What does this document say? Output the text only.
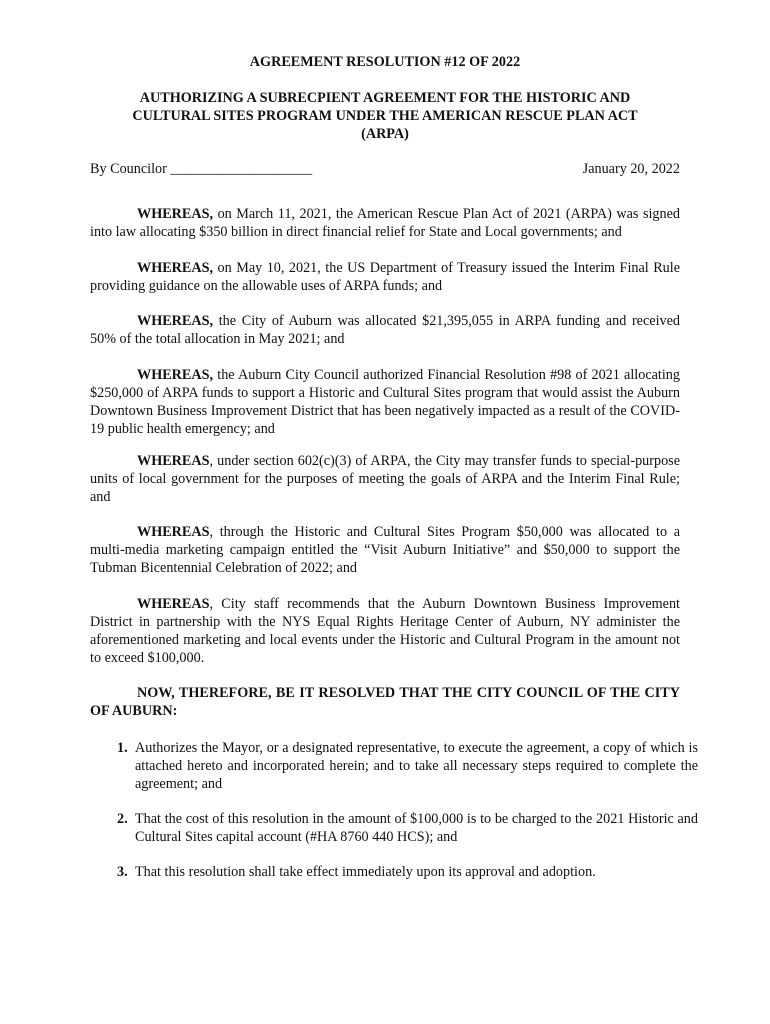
AGREEMENT RESOLUTION #12 OF 2022
AUTHORIZING A SUBRECPIENT AGREEMENT FOR THE HISTORIC AND
CULTURAL SITES PROGRAM UNDER THE AMERICAN RESCUE PLAN ACT
(ARPA)
By Councilor ____________________	January 20, 2022
WHEREAS, on March 11, 2021, the American Rescue Plan Act of 2021 (ARPA) was signed into law allocating $350 billion in direct financial relief for State and Local governments; and
WHEREAS, on May 10, 2021, the US Department of Treasury issued the Interim Final Rule providing guidance on the allowable uses of ARPA funds; and
WHEREAS, the City of Auburn was allocated $21,395,055 in ARPA funding and received 50% of the total allocation in May 2021; and
WHEREAS, the Auburn City Council authorized Financial Resolution #98 of 2021 allocating $250,000 of ARPA funds to support a Historic and Cultural Sites program that would assist the Auburn Downtown Business Improvement District that has been negatively impacted as a result of the COVID-19 public health emergency; and
WHEREAS, under section 602(c)(3) of ARPA, the City may transfer funds to special-purpose units of local government for the purposes of meeting the goals of ARPA and the Interim Final Rule; and
WHEREAS, through the Historic and Cultural Sites Program $50,000 was allocated to a multi-media marketing campaign entitled the “Visit Auburn Initiative” and $50,000 to support the Tubman Bicentennial Celebration of 2022; and
WHEREAS, City staff recommends that the Auburn Downtown Business Improvement District in partnership with the NYS Equal Rights Heritage Center of Auburn, NY administer the aforementioned marketing and local events under the Historic and Cultural Program in the amount not to exceed $100,000.
NOW, THEREFORE, BE IT RESOLVED THAT THE CITY COUNCIL OF THE CITY OF AUBURN:
1. Authorizes the Mayor, or a designated representative, to execute the agreement, a copy of which is attached hereto and incorporated herein; and to take all necessary steps required to complete the agreement; and
2. That the cost of this resolution in the amount of $100,000 is to be charged to the 2021 Historic and Cultural Sites capital account (#HA 8760 440 HCS); and
3. That this resolution shall take effect immediately upon its approval and adoption.
